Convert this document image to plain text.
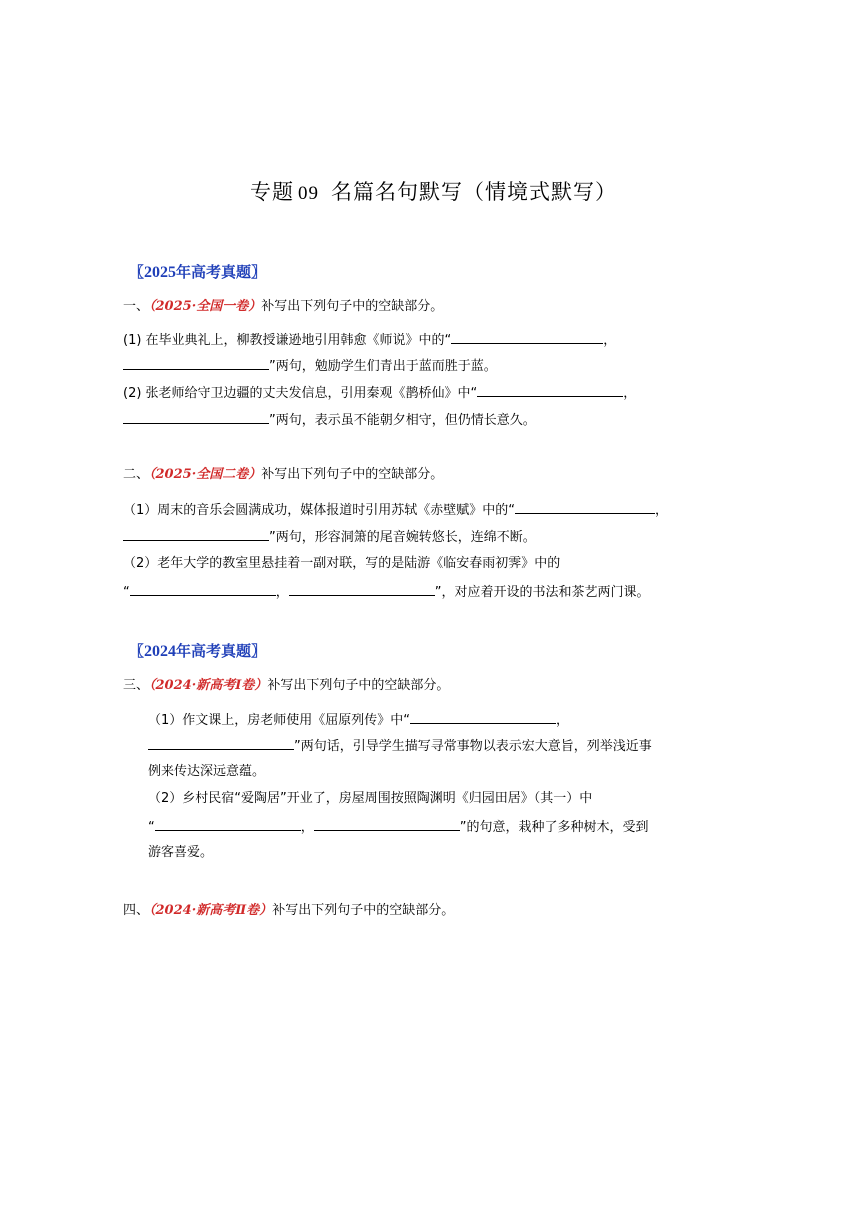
专题 09 名篇名句默写（情境式默写）
〖2025年高考真题〗
一、（2025·全国一卷）补写出下列句子中的空缺部分。
(1) 在毕业典礼上，柳教授谦逊地引用韩愈《师说》中的“	，
”两句，勉励学生们青出于蓝而胜于蓝。
(2) 张老师给守卫边疆的丈夫发信息，引用秦观《鹊桥仙》中“	，
”两句，表示虽不能朝夕相守，但仍情长意久。
二、（2025·全国二卷）补写出下列句子中的空缺部分。
（1）周末的音乐会圆满成功，媒体报道时引用苏轼《赤壁赋》中的“	，
”两句，形容洞箫的尾音婉转悠长，连绵不断。
（2）老年大学的教室里悬挂着一副对联，写的是陆游《临安春雨初霁》中的
“	，	”，对应着开设的书法和茶艺两门课。
〖2024年高考真题〗
三、（2024·新高考Ⅰ卷）补写出下列句子中的空缺部分。
（1）作文课上，房老师使用《屈原列传》中“	，
”两句话，引导学生描写寻常事物以表示宏大意旨，列举浅近事
例来传达深远意蕴。
（2）乡村民宿“爱陶居”开业了，房屋周围按照陶渊明《归园田居》（其一）中
“	，	”的句意，栽种了多种树木，受到
游客喜爱。
四、（2024·新高考Ⅱ卷）补写出下列句子中的空缺部分。
